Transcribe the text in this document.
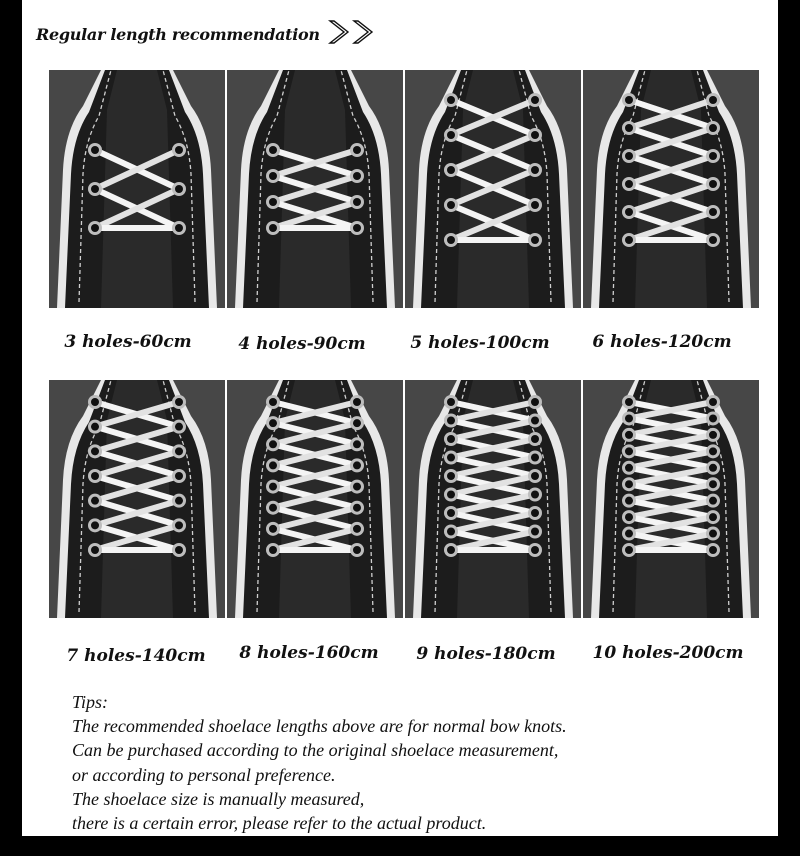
Regular length recommendation
3 holes-60cm	4 holes-90cm	5 holes-100cm	6 holes-120cm
7 holes-140cm	8 holes-160cm	9 holes-180cm	10 holes-200cm
Tips:
The recommended shoelace lengths above are for normal bow knots.
Can be purchased according to the original shoelace measurement,
or according to personal preference.
The shoelace size is manually measured,
there is a certain error, please refer to the actual product.
